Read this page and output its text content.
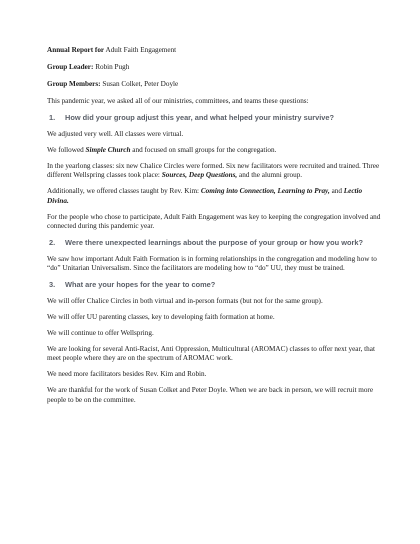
Annual Report for Adult Faith Engagement

Group Leader: Robin Pugh

Group Members: Susan Colket, Peter Doyle

This pandemic year, we asked all of our ministries, committees, and teams these questions:

1.	How did your group adjust this year, and what helped your ministry survive?

We adjusted very well. All classes were virtual.

We followed Simple Church and focused on small groups for the congregation.

In the yearlong classes: six new Chalice Circles were formed. Six new facilitators were recruited and trained. Three different Wellspring classes took place: Sources, Deep Questions, and the alumni group.

Additionally, we offered classes taught by Rev. Kim: Coming into Connection, Learning to Pray, and Lectio Divina.

For the people who chose to participate, Adult Faith Engagement was key to keeping the congregation involved and connected during this pandemic year.

2.	Were there unexpected learnings about the purpose of your group or how you work?

We saw how important Adult Faith Formation is in forming relationships in the congregation and modeling how to “do” Unitarian Universalism. Since the facilitators are modeling how to “do” UU, they must be trained.

3.	What are your hopes for the year to come?

We will offer Chalice Circles in both virtual and in-person formats (but not for the same group).

We will offer UU parenting classes, key to developing faith formation at home.

We will continue to offer Wellspring.

We are looking for several Anti-Racist, Anti Oppression, Multicultural (AROMAC) classes to offer next year, that meet people where they are on the spectrum of AROMAC work.

We need more facilitators besides Rev. Kim and Robin.

We are thankful for the work of Susan Colket and Peter Doyle. When we are back in person, we will recruit more people to be on the committee.
